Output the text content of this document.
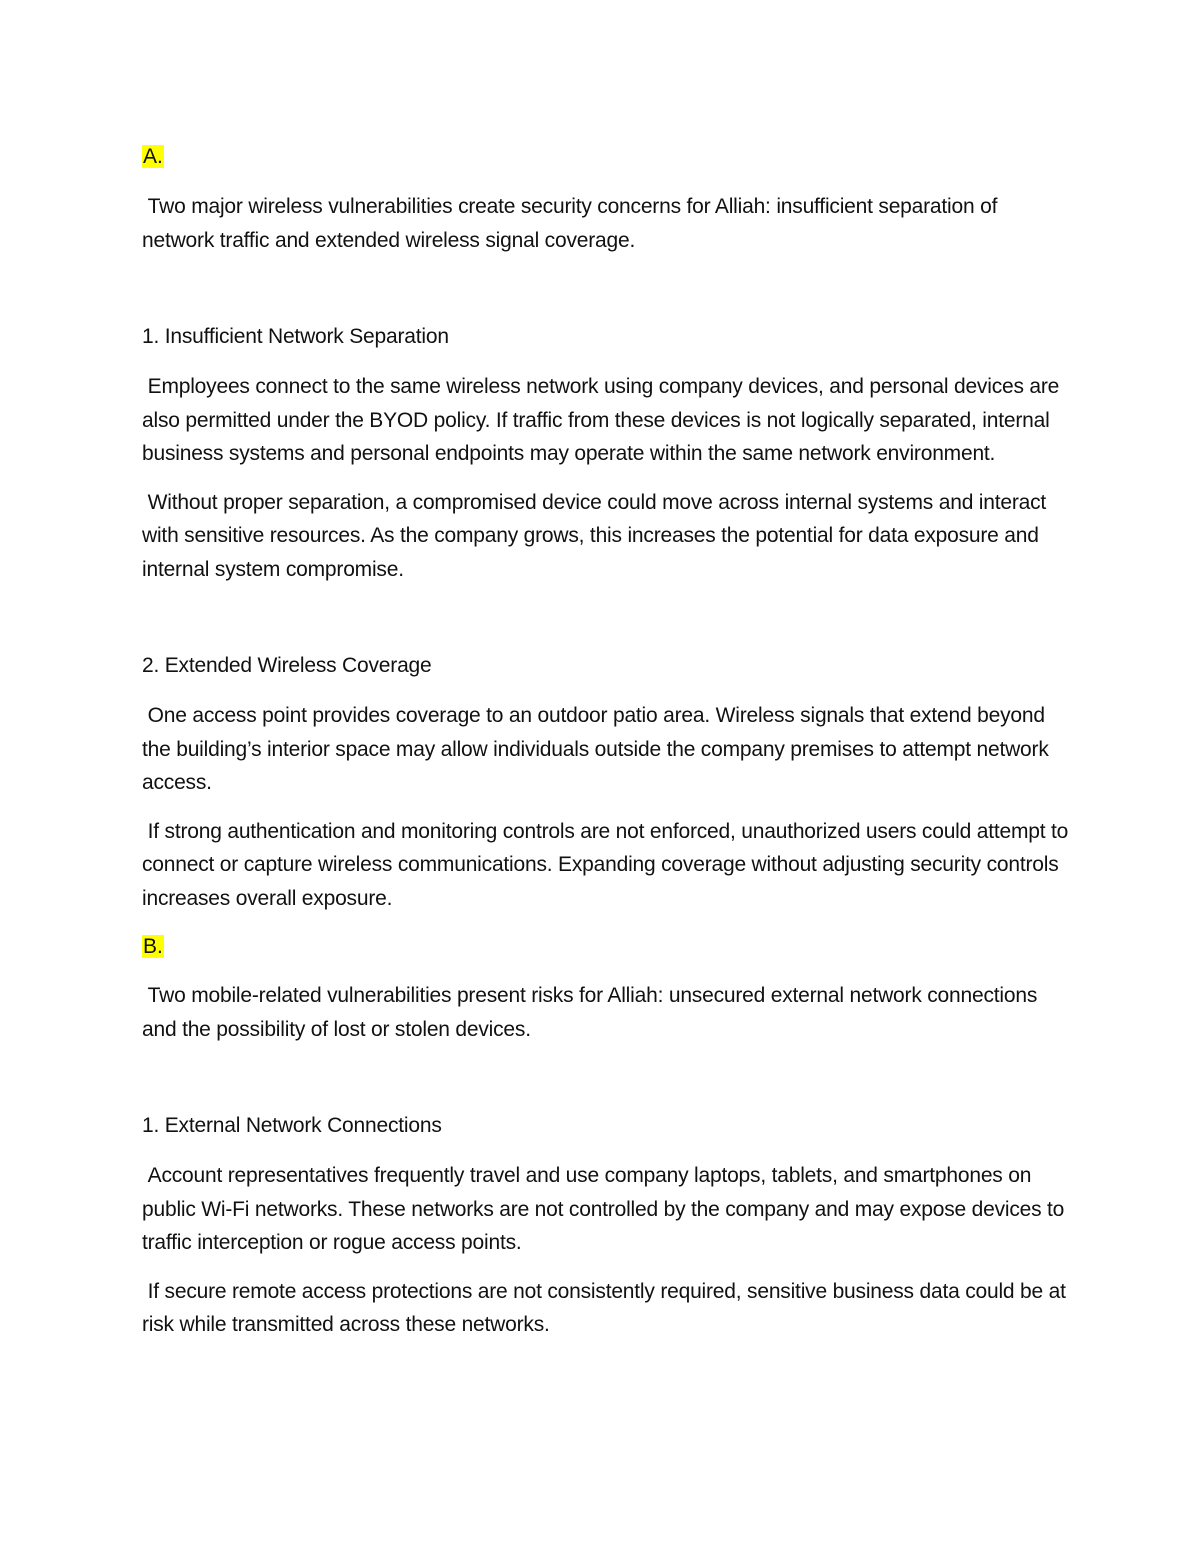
A.

Two major wireless vulnerabilities create security concerns for Alliah: insufficient separation of network traffic and extended wireless signal coverage.

1. Insufficient Network Separation

Employees connect to the same wireless network using company devices, and personal devices are also permitted under the BYOD policy. If traffic from these devices is not logically separated, internal business systems and personal endpoints may operate within the same network environment.

Without proper separation, a compromised device could move across internal systems and interact with sensitive resources. As the company grows, this increases the potential for data exposure and internal system compromise.

2. Extended Wireless Coverage

One access point provides coverage to an outdoor patio area. Wireless signals that extend beyond the building’s interior space may allow individuals outside the company premises to attempt network access.

If strong authentication and monitoring controls are not enforced, unauthorized users could attempt to connect or capture wireless communications. Expanding coverage without adjusting security controls increases overall exposure.

B.

Two mobile-related vulnerabilities present risks for Alliah: unsecured external network connections and the possibility of lost or stolen devices.

1. External Network Connections

Account representatives frequently travel and use company laptops, tablets, and smartphones on public Wi-Fi networks. These networks are not controlled by the company and may expose devices to traffic interception or rogue access points.

If secure remote access protections are not consistently required, sensitive business data could be at risk while transmitted across these networks.
